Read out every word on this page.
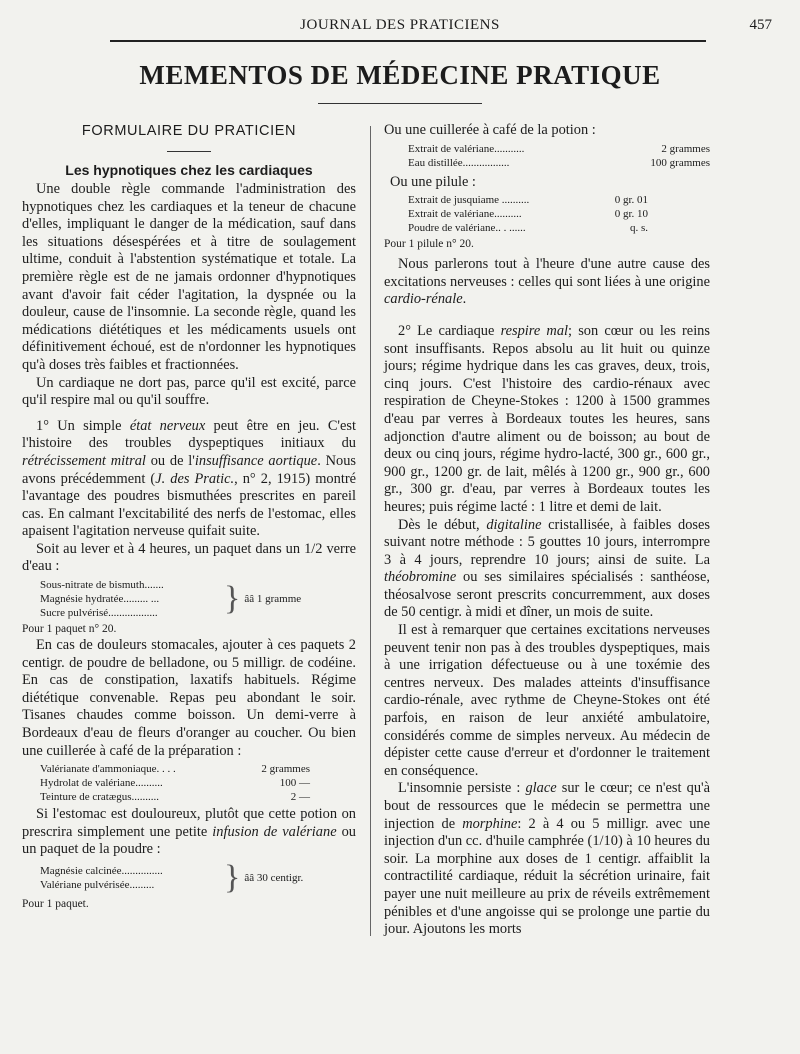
JOURNAL DES PRATICIENS	457
MEMENTOS DE MÉDECINE PRATIQUE
FORMULAIRE DU PRATICIEN
Les hypnotiques chez les cardiaques

Une double règle commande l'administration des hypnotiques chez les cardiaques et la teneur de chacune d'elles, impliquant le danger de la médication, sauf dans les situations désespérées et à titre de soulagement ultime, conduit à l'abstention systématique et totale. La première règle est de ne jamais ordonner d'hypnotiques avant d'avoir fait céder l'agitation, la dyspnée ou la douleur, cause de l'insomnie. La seconde règle, quand les médications diététiques et les médicaments usuels ont définitivement échoué, est de n'ordonner les hypnotiques qu'à doses très faibles et fractionnées.

Un cardiaque ne dort pas, parce qu'il est excité, parce qu'il respire mal ou qu'il souffre.

1° Un simple état nerveux peut être en jeu. C'est l'histoire des troubles dyspeptiques initiaux du rétrécissement mitral ou de l'insuffisance aortique. Nous avons précédemment (J. des Pratic., n° 2, 1915) montré l'avantage des poudres bismuthées prescrites en pareil cas. En calmant l'excitabilité des nerfs de l'estomac, elles apaisent l'agitation nerveuse quifait suite.

Soit au lever et à 4 heures, un paquet dans un 1/2 verre d'eau :

Sous-nitrate de bismuth.......
Magnésie hydratée......... ...
Sucre pulvérisé..................	} ââ 1 gramme
Pour 1 paquet n° 20.

En cas de douleurs stomacales, ajouter à ces paquets 2 centigr. de poudre de belladone, ou 5 milligr. de codéine. En cas de constipation, laxatifs habituels. Régime diététique convenable. Repas peu abondant le soir. Tisanes chaudes comme boisson. Un demi-verre à Bordeaux d'eau de fleurs d'oranger au coucher. Ou bien une cuillerée à café de la préparation :

Valérianate d'ammoniaque. . . .	2 grammes
Hydrolat de valériane..........	100 —
Teinture de cratægus..........	2 —

Si l'estomac est douloureux, plutôt que cette potion on prescrira simplement une petite infusion de valériane ou un paquet de la poudre :

Magnésie calcinée...............
Valériane pulvérisée.........	} ââ 30 centigr.
Pour 1 paquet.

Ou une cuillerée à café de la potion :

Extrait de valériane...........	2 grammes
Eau distillée.................	100 grammes

Ou une pilule :

Extrait de jusquiame ..........	0 gr. 01
Extrait de valériane..........	0 gr. 10
Poudre de valériane.. . ......	q. s.
Pour 1 pilule n° 20.

Nous parlerons tout à l'heure d'une autre cause des excitations nerveuses : celles qui sont liées à une origine cardio-rénale.

2° Le cardiaque respire mal; son cœur ou les reins sont insuffisants. Repos absolu au lit huit ou quinze jours; régime hydrique dans les cas graves, deux, trois, cinq jours. C'est l'histoire des cardio-rénaux avec respiration de Cheyne-Stokes : 1200 à 1500 grammes d'eau par verres à Bordeaux toutes les heures, sans adjonction d'autre aliment ou de boisson; au bout de deux ou cinq jours, régime hydro-lacté, 300 gr., 600 gr., 900 gr., 1200 gr. de lait, mêlés à 1200 gr., 900 gr., 600 gr., 300 gr. d'eau, par verres à Bordeaux toutes les heures; puis régime lacté : 1 litre et demi de lait.

Dès le début, digitaline cristallisée, à faibles doses suivant notre méthode : 5 gouttes 10 jours, interrompre 3 à 4 jours, reprendre 10 jours; ainsi de suite. La théobromine ou ses similaires spécialisés : santhéose, théosalvose seront prescrits concurremment, aux doses de 50 centigr. à midi et dîner, un mois de suite.

Il est à remarquer que certaines excitations nerveuses peuvent tenir non pas à des troubles dyspeptiques, mais à une irrigation défectueuse ou à une toxémie des centres nerveux. Des malades atteints d'insuffisance cardio-rénale, avec rythme de Cheyne-Stokes ont été parfois, en raison de leur anxiété ambulatoire, considérés comme de simples nerveux. Au médecin de dépister cette cause d'erreur et d'ordonner le traitement en conséquence.

L'insomnie persiste : glace sur le cœur; ce n'est qu'à bout de ressources que le médecin se permettra une injection de morphine: 2 à 4 ou 5 milligr. avec une injection d'un cc. d'huile camphrée (1/10) à 10 heures du soir. La morphine aux doses de 1 centigr. affaiblit la contractilité cardiaque, réduit la sécrétion urinaire, fait payer une nuit meilleure au prix de réveils extrêmement pénibles et d'une angoisse qui se prolonge une partie du jour. Ajoutons les morts
